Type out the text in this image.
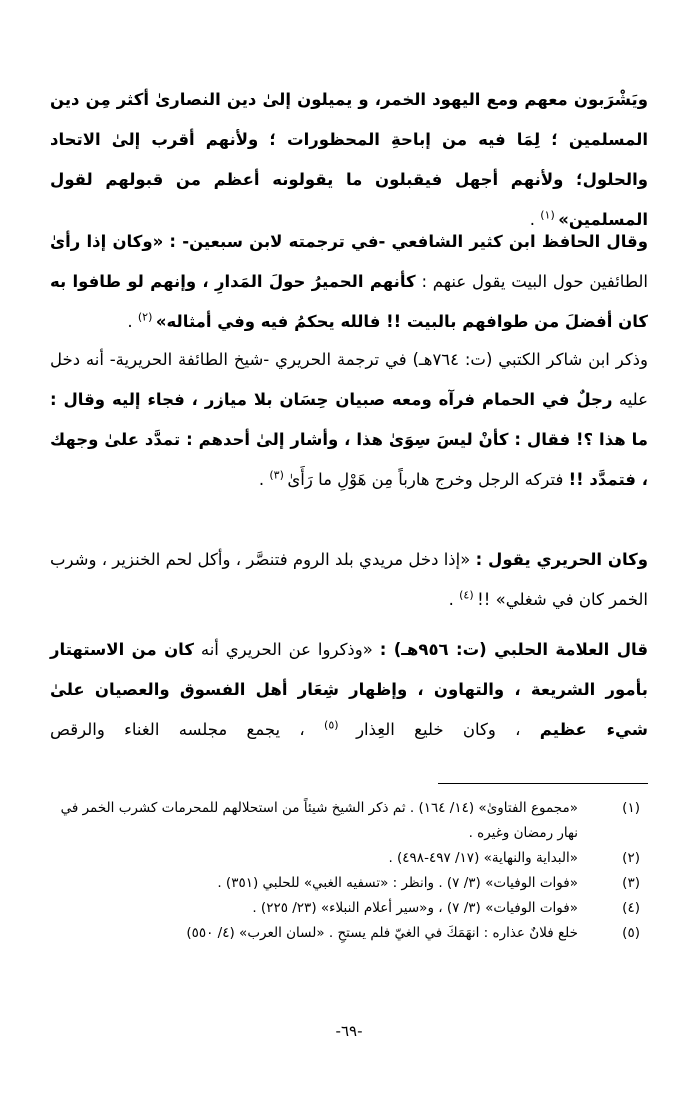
ويَشْرَبون معهم ومع اليهود الخمر، و يميلون إلىٰ دين النصارىٰ أكثر مِن دين المسلمين ؛ لِمَا فيه من إباحةِ المحظورات ؛ ولأنهم أقرب إلىٰ الاتحاد والحلول؛ ولأنهم أجهل فيقبلون ما يقولونه أعظم من قبولهم لقول المسلمين» $^{(١)}$ .

وقال الحافظ ابن كثير الشافعي -في ترجمته لابن سبعين- : «وكان إذا رأىٰ الطائفين حول البيت يقول عنهم : كأنهم الحميرُ حولَ المَدارِ ، وإنهم لو طافوا به كان أفضلَ من طوافهم بالبيت !! فالله يحكمُ فيه وفي أمثاله» $^{(٢)}$ .

وذكر ابن شاكر الكتبي (ت: ٧٦٤هـ) في ترجمة الحريري -شيخ الطائفة الحريرية- أنه دخل عليه رجلٌ في الحمام فرآه ومعه صبيان حِسَان بلا ميازر ، فجاء إليه وقال : ما هذا ؟! فقال : كأنْ ليسَ سِوَىٰ هذا ، وأشار إلىٰ أحدهم : تمدَّد علىٰ وجهك ، فتمدَّد !! فتركه الرجل وخرج هارباً مِن هَوْلِ ما رَأَىٰ $^{(٣)}$ .

وكان الحريري يقول : «إذا دخل مريدي بلد الروم فتنصَّر ، وأكل لحم الخنزير ، وشرب الخمر كان في شغلي» !! $^{(٤)}$ .

قال العلامة الحلبي (ت: ٩٥٦هـ) : «وذكروا عن الحريري أنه كان من الاستهتار بأمور الشريعة ، والتهاون ، وإظهار شِعَار أهل الفسوق والعصيان علىٰ شيء عظيم ، وكان خليع العِذار $^{(٥)}$ ، يجمع مجلسه الغناء والرقص

(١)
«مجموع الفتاوىٰ» (١٤/ ١٦٤) . ثم ذكر الشيخ شيئاً من استحلالهم للمحرمات كشرب الخمر في نهار رمضان وغيره .
(٢)
«البداية والنهاية» (١٧/ ٤٩٧-٤٩٨) .
(٣)
«فوات الوفيات» (٣/ ٧) . وانظر : «تسفيه الغبي» للحلبي (٣٥١) .
(٤)
«فوات الوفيات» (٣/ ٧) ، و«سير أعلام النبلاء» (٢٣/ ٢٢٥) .
(٥)
خلع فلانٌ عذاره : انهَمَكَ في الغيّ فلم يستحِ . «لسان العرب» (٤/ ٥٥٠)
-٦٩-
